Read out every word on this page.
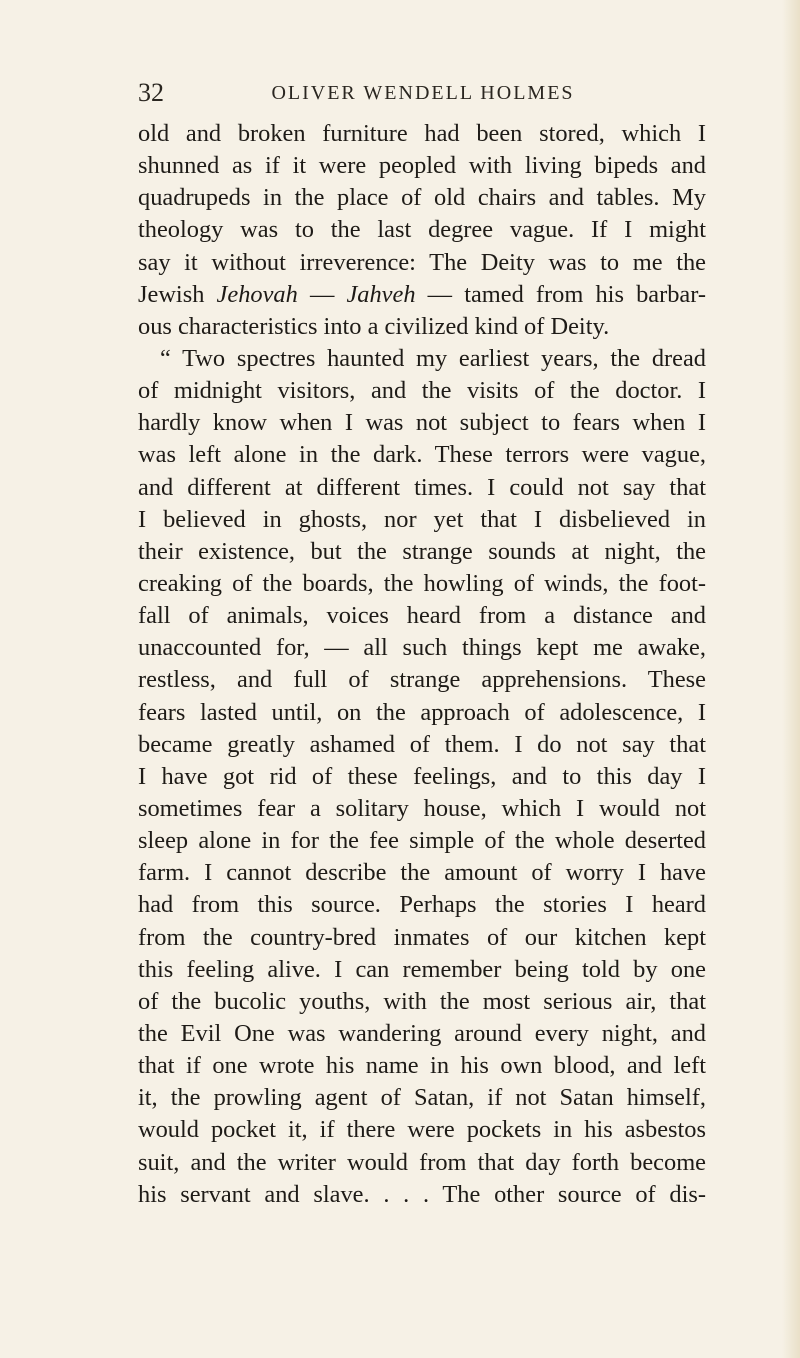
32	OLIVER WENDELL HOLMES
old and broken furniture had been stored, which I
shunned as if it were peopled with living bipeds and
quadrupeds in the place of old chairs and tables. My
theology was to the last degree vague. If I might
say it without irreverence: The Deity was to me the
Jewish Jehovah — Jahveh — tamed from his barbar-
ous characteristics into a civilized kind of Deity.
“ Two spectres haunted my earliest years, the dread
of midnight visitors, and the visits of the doctor. I
hardly know when I was not subject to fears when I
was left alone in the dark. These terrors were vague,
and different at different times. I could not say that
I believed in ghosts, nor yet that I disbelieved in
their existence, but the strange sounds at night, the
creaking of the boards, the howling of winds, the foot-
fall of animals, voices heard from a distance and
unaccounted for, — all such things kept me awake,
restless, and full of strange apprehensions. These
fears lasted until, on the approach of adolescence, I
became greatly ashamed of them. I do not say that
I have got rid of these feelings, and to this day I
sometimes fear a solitary house, which I would not
sleep alone in for the fee simple of the whole deserted
farm. I cannot describe the amount of worry I have
had from this source. Perhaps the stories I heard
from the country-bred inmates of our kitchen kept
this feeling alive. I can remember being told by one
of the bucolic youths, with the most serious air, that
the Evil One was wandering around every night, and
that if one wrote his name in his own blood, and left
it, the prowling agent of Satan, if not Satan himself,
would pocket it, if there were pockets in his asbestos
suit, and the writer would from that day forth become
his servant and slave. . . . The other source of dis-
